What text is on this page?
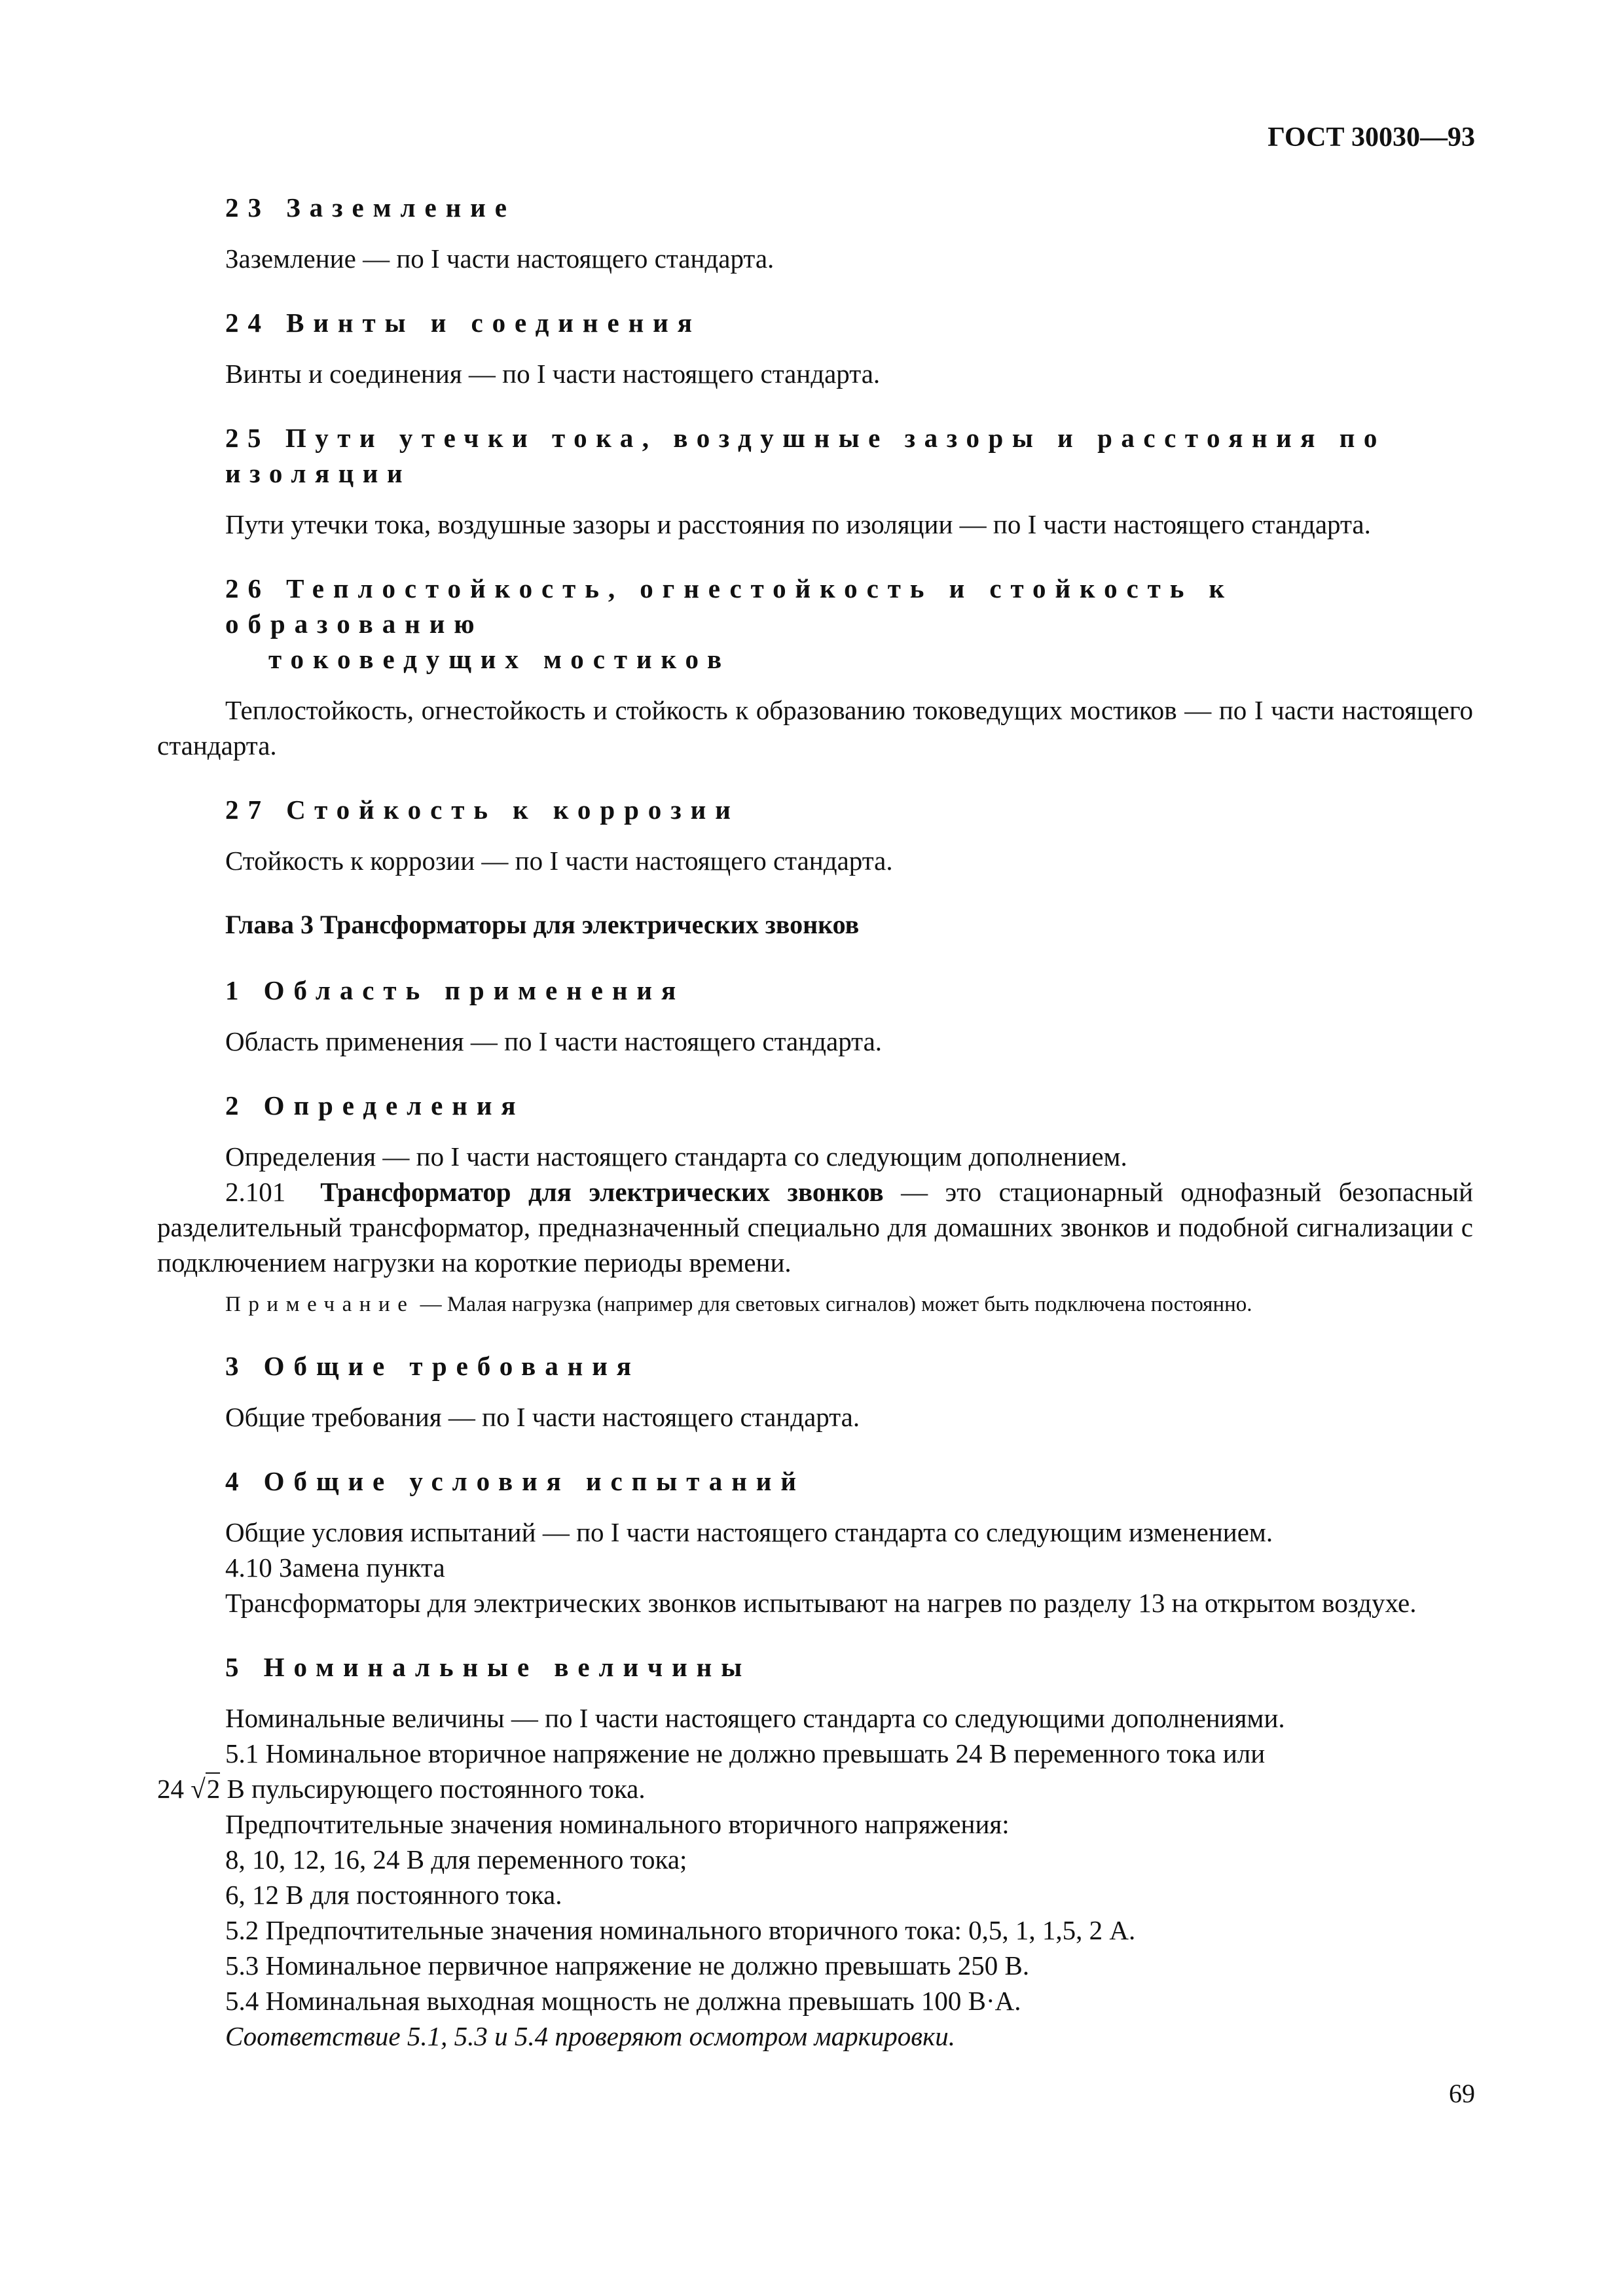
ГОСТ 30030—93
23 Заземление
Заземление — по I части настоящего стандарта.
24 Винты и соединения
Винты и соединения — по I части настоящего стандарта.
25 Пути утечки тока, воздушные зазоры и расстояния по изоляции
Пути утечки тока, воздушные зазоры и расстояния по изоляции — по I части настоящего стандарта.
26 Теплостойкость, огнестойкость и стойкость к образованию
токоведущих мостиков
Теплостойкость, огнестойкость и стойкость к образованию токоведущих мостиков — по I части настоящего стандарта.
27 Стойкость к коррозии
Стойкость к коррозии — по I части настоящего стандарта.
Глава 3 Трансформаторы для электрических звонков
1 Область применения
Область применения — по I части настоящего стандарта.
2 Определения
Определения — по I части настоящего стандарта со следующим дополнением.
2.101 Трансформатор для электрических звонков — это стационарный однофазный безопасный разделительный трансформатор, предназначенный специально для домашних звонков и подобной сигнализации с подключением нагрузки на короткие периоды времени.
Примечание — Малая нагрузка (например для световых сигналов) может быть подключена постоянно.
3 Общие требования
Общие требования — по I части настоящего стандарта.
4 Общие условия испытаний
Общие условия испытаний — по I части настоящего стандарта со следующим изменением.
4.10 Замена пункта
Трансформаторы для электрических звонков испытывают на нагрев по разделу 13 на открытом воздухе.
5 Номинальные величины
Номинальные величины — по I части настоящего стандарта со следующими дополнениями.
5.1 Номинальное вторичное напряжение не должно превышать 24 В переменного тока или
24 √2 В пульсирующего постоянного тока.
Предпочтительные значения номинального вторичного напряжения:
8, 10, 12, 16, 24 В для переменного тока;
6, 12 В для постоянного тока.
5.2 Предпочтительные значения номинального вторичного тока: 0,5, 1, 1,5, 2 А.
5.3 Номинальное первичное напряжение не должно превышать 250 В.
5.4 Номинальная выходная мощность не должна превышать 100 В·А.
Соответствие 5.1, 5.3 и 5.4 проверяют осмотром маркировки.
69
